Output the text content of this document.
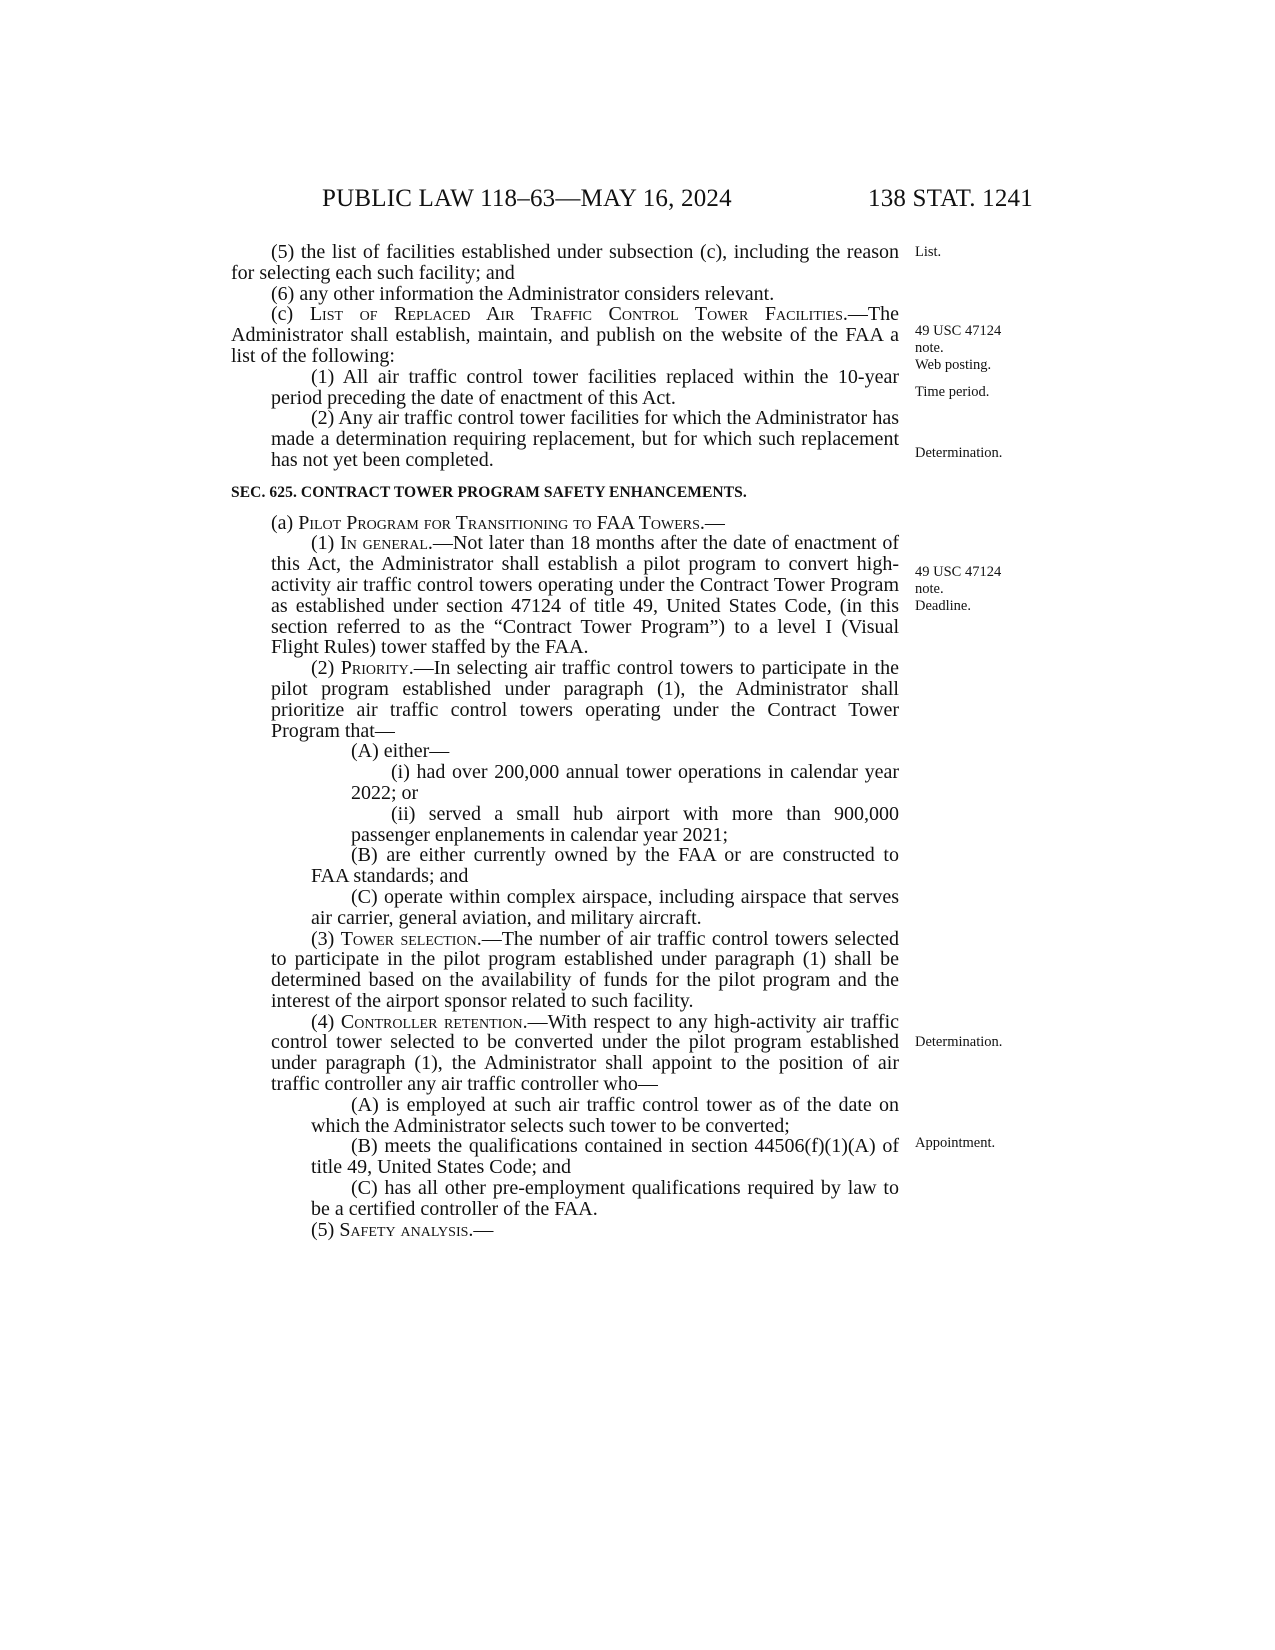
PUBLIC LAW 118–63—MAY 16, 2024	138 STAT. 1241

(5) the list of facilities established under subsection (c), including the reason for selecting each such facility; and

(6) any other information the Administrator considers relevant.

(c) List of Replaced Air Traffic Control Tower Facilities.—The Administrator shall establish, maintain, and publish on the website of the FAA a list of the following:

(1) All air traffic control tower facilities replaced within the 10-year period preceding the date of enactment of this Act.

(2) Any air traffic control tower facilities for which the Administrator has made a determination requiring replacement, but for which such replacement has not yet been completed.

SEC. 625. CONTRACT TOWER PROGRAM SAFETY ENHANCEMENTS.

(a) Pilot Program for Transitioning to FAA Towers.—

(1) In general.—Not later than 18 months after the date of enactment of this Act, the Administrator shall establish a pilot program to convert high-activity air traffic control towers operating under the Contract Tower Program as established under section 47124 of title 49, United States Code, (in this section referred to as the “Contract Tower Program”) to a level I (Visual Flight Rules) tower staffed by the FAA.

(2) Priority.—In selecting air traffic control towers to participate in the pilot program established under paragraph (1), the Administrator shall prioritize air traffic control towers operating under the Contract Tower Program that—

(A) either—

(i) had over 200,000 annual tower operations in calendar year 2022; or

(ii) served a small hub airport with more than 900,000 passenger enplanements in calendar year 2021;

(B) are either currently owned by the FAA or are constructed to FAA standards; and

(C) operate within complex airspace, including airspace that serves air carrier, general aviation, and military aircraft.

(3) Tower selection.—The number of air traffic control towers selected to participate in the pilot program established under paragraph (1) shall be determined based on the availability of funds for the pilot program and the interest of the airport sponsor related to such facility.

(4) Controller retention.—With respect to any high-activity air traffic control tower selected to be converted under the pilot program established under paragraph (1), the Administrator shall appoint to the position of air traffic controller any air traffic controller who—

(A) is employed at such air traffic control tower as of the date on which the Administrator selects such tower to be converted;

(B) meets the qualifications contained in section 44506(f)(1)(A) of title 49, United States Code; and

(C) has all other pre-employment qualifications required by law to be a certified controller of the FAA.

(5) Safety analysis.—

List.
49 USC 47124
note.
Web posting.
Time period.
Determination.
49 USC 47124
note.
Deadline.
Determination.
Appointment.
